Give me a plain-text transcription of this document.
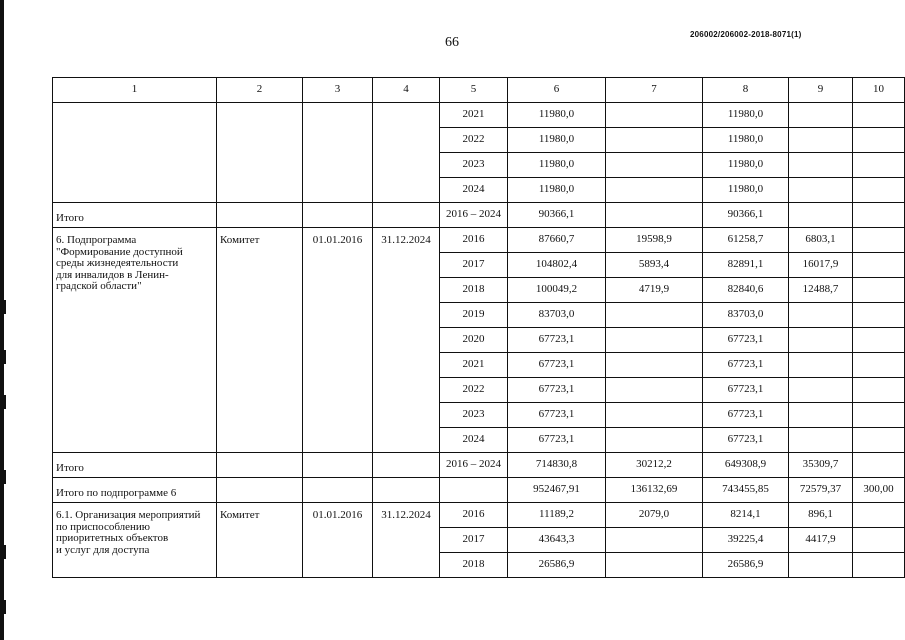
66
206002/206002-2018-8071(1)
1	2	3	4	5	6	7	8	9	10
				2021	11980,0		11980,0		
				2022	11980,0		11980,0		
				2023	11980,0		11980,0		
				2024	11980,0		11980,0		
Итого				2016 – 2024	90366,1		90366,1		

6. Подпрограмма
"Формирование доступной
среды жизнедеятельности
для инвалидов в Ленин-
градской области"	Комитет	01.01.2016	31.12.2024	2016	87660,7	19598,9	61258,7	6803,1	
				2017	104802,4	5893,4	82891,1	16017,9	
				2018	100049,2	4719,9	82840,6	12488,7	
				2019	83703,0		83703,0		
				2020	67723,1		67723,1		
				2021	67723,1		67723,1		
				2022	67723,1		67723,1		
				2023	67723,1		67723,1		
				2024	67723,1		67723,1		
Итого				2016 – 2024	714830,8	30212,2	649308,9	35309,7	
Итого по подпрограмме 6					952467,91	136132,69	743455,85	72579,37	300,00

6.1. Организация мероприятий
по приспособлению
приоритетных объектов
и услуг для доступа	Комитет	01.01.2016	31.12.2024	2016	11189,2	2079,0	8214,1	896,1	
				2017	43643,3		39225,4	4417,9	
				2018	26586,9		26586,9		
